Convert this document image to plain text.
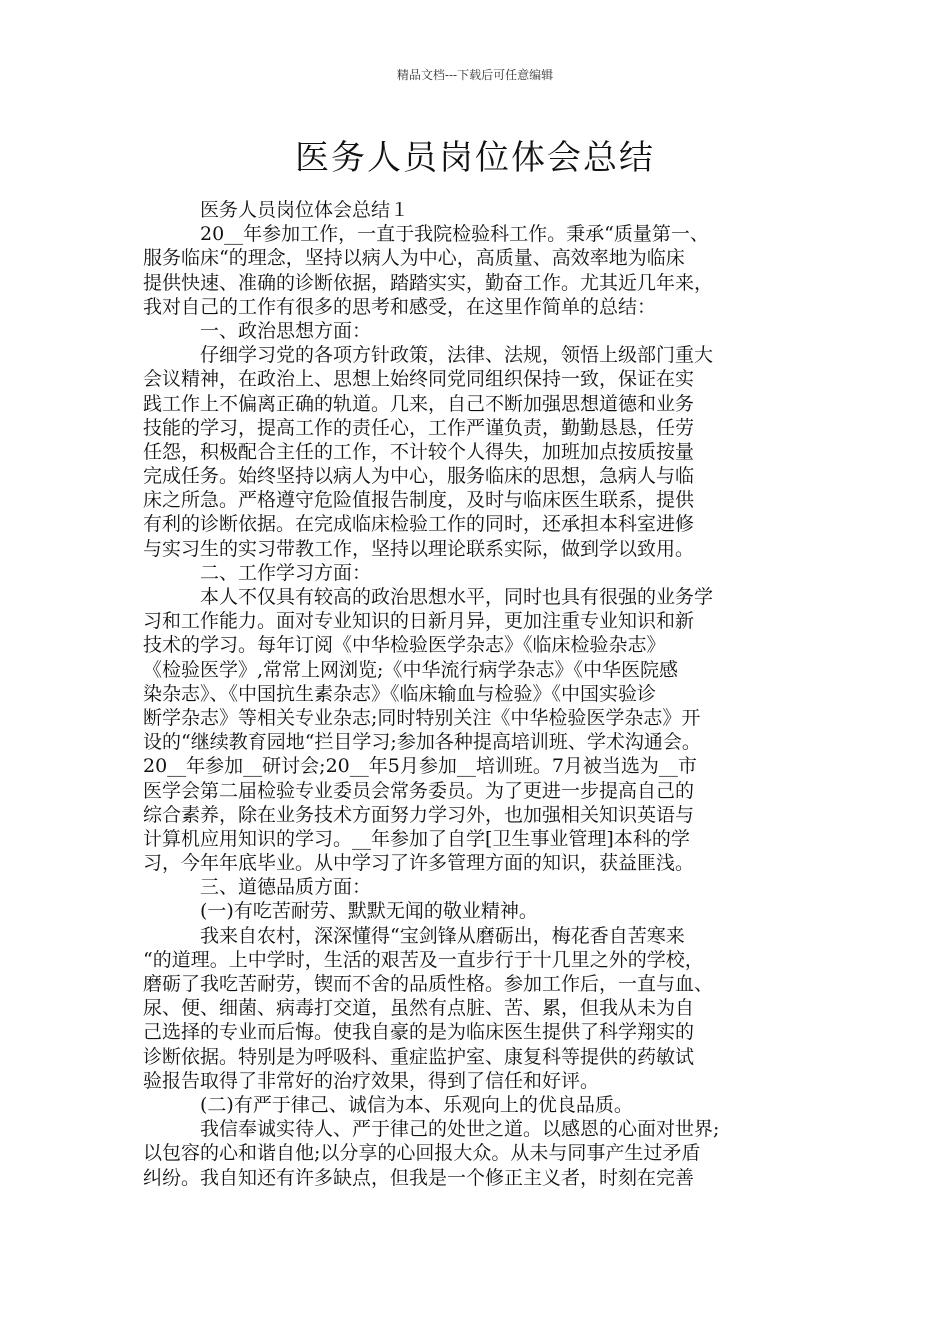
精品文档---下载后可任意编辑
医务人员岗位体会总结
　　　医务人员岗位体会总结１
　　　20__年参加工作，一直于我院检验科工作。秉承“质量第一、
服务临床“的理念，坚持以病人为中心，高质量、高效率地为临床
提供快速、准确的诊断依据，踏踏实实，勤奋工作。尤其近几年来，
我对自己的工作有很多的思考和感受，在这里作简单的总结：
　　　一、政治思想方面：
　　　仔细学习党的各项方针政策，法律、法规，领悟上级部门重大
会议精神，在政治上、思想上始终同党同组织保持一致，保证在实
践工作上不偏离正确的轨道。几来，自己不断加强思想道德和业务
技能的学习，提高工作的责任心，工作严谨负责，勤勤恳恳，任劳
任怨，积极配合主任的工作，不计较个人得失，加班加点按质按量
完成任务。始终坚持以病人为中心，服务临床的思想，急病人与临
床之所急。严格遵守危险值报告制度，及时与临床医生联系，提供
有利的诊断依据。在完成临床检验工作的同时，还承担本科室进修
与实习生的实习带教工作，坚持以理论联系实际，做到学以致用。
　　　二、工作学习方面：
　　　本人不仅具有较高的政治思想水平，同时也具有很强的业务学
习和工作能力。面对专业知识的日新月异，更加注重专业知识和新
技术的学习。每年订阅《中华检验医学杂志》《临床检验杂志》
《检验医学》,常常上网浏览;《中华流行病学杂志》《中华医院感
染杂志》、《中国抗生素杂志》《临床输血与检验》《中国实验诊
断学杂志》等相关专业杂志;同时特别关注《中华检验医学杂志》开
设的“继续教育园地“拦目学习;参加各种提高培训班、学术沟通会。
20__年参加__研讨会;20__年5月参加__培训班。7月被当选为__市
医学会第二届检验专业委员会常务委员。为了更进一步提高自己的
综合素养，除在业务技术方面努力学习外，也加强相关知识英语与
计算机应用知识的学习。__年参加了自学[卫生事业管理]本科的学
习，今年年底毕业。从中学习了许多管理方面的知识，获益匪浅。
　　　三、道德品质方面：
　　　(一)有吃苦耐劳、默默无闻的敬业精神。
　　　我来自农村，深深懂得“宝剑锋从磨砺出，梅花香自苦寒来
“的道理。上中学时，生活的艰苦及一直步行于十几里之外的学校，
磨砺了我吃苦耐劳，锲而不舍的品质性格。参加工作后，一直与血、
尿、便、细菌、病毒打交道，虽然有点脏、苦、累，但我从未为自
己选择的专业而后悔。使我自豪的是为临床医生提供了科学翔实的
诊断依据。特别是为呼吸科、重症监护室、康复科等提供的药敏试
验报告取得了非常好的治疗效果，得到了信任和好评。
　　　(二)有严于律己、诚信为本、乐观向上的优良品质。
　　　我信奉诚实待人、严于律己的处世之道。以感恩的心面对世界;
以包容的心和谐自他;以分享的心回报大众。从未与同事产生过矛盾
纠纷。我自知还有许多缺点，但我是一个修正主义者，时刻在完善
